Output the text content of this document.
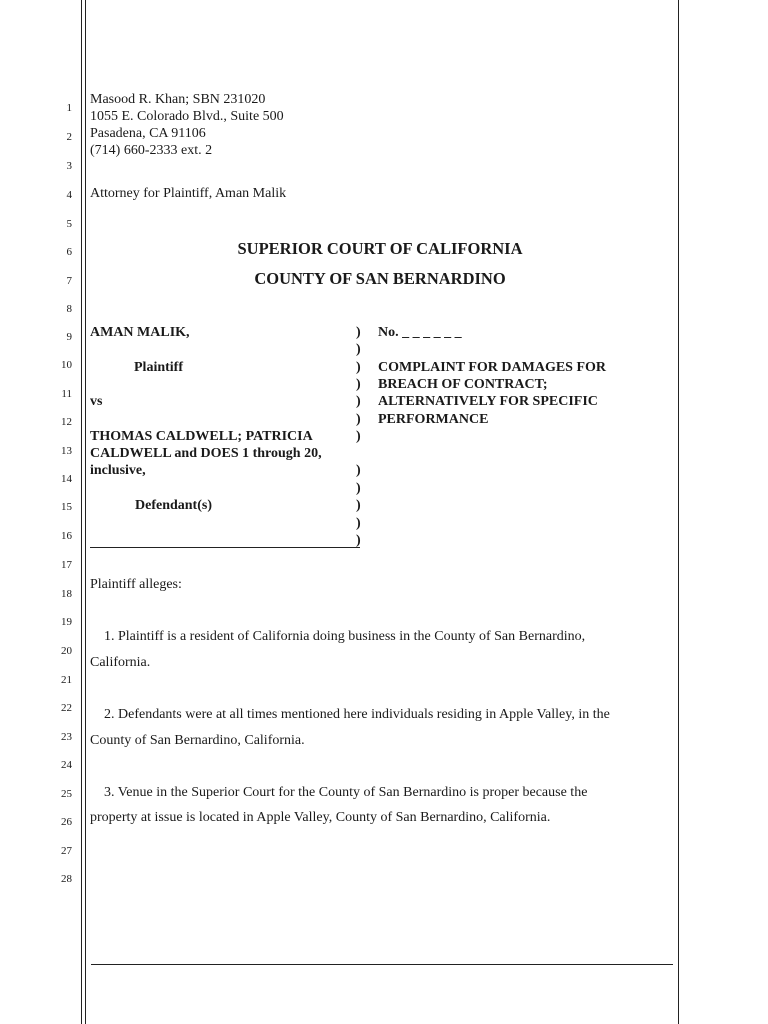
1
2
3
4
5
6
7
8
9
10
11
12
13
14
15
16
17
18
19
20
21
22
23
24
25
26
27
28
Masood R. Khan; SBN 231020
1055 E. Colorado Blvd., Suite 500
Pasadena, CA 91106
(714) 660-2333 ext. 2
Attorney for Plaintiff, Aman Malik
SUPERIOR COURT OF CALIFORNIA
COUNTY OF SAN BERNARDINO
AMAN MALIK,
Plaintiff
vs
THOMAS CALDWELL; PATRICIA
CALDWELL and DOES 1 through 20,
inclusive,
Defendant(s)
)
)
)
)
)
)
)
)
)
)
)
)
No. _ _ _ _ _ _
COMPLAINT FOR DAMAGES FOR
BREACH OF CONTRACT;
ALTERNATIVELY FOR SPECIFIC
PERFORMANCE
Plaintiff alleges:
1. Plaintiff is a resident of California doing business in the County of San Bernardino,
California.
2. Defendants were at all times mentioned here individuals residing in Apple Valley, in the
County of San Bernardino, California.
3. Venue in the Superior Court for the County of San Bernardino is proper because the
property at issue is located in Apple Valley, County of San Bernardino, California.
